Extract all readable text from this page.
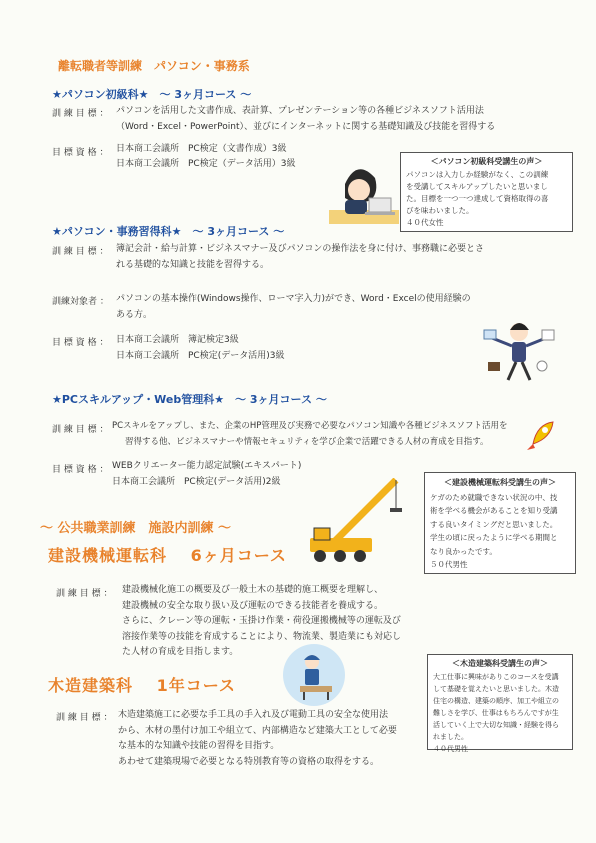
離転職者等訓練　パソコン・事務系
★パソコン初級科★　～ 3ヶ月コース ～
訓 練 目 標 ： パソコンを活用した文書作成、表計算、プレゼンテーション等の各種ビジネスソフト活用法
（Word・Excel・PowerPoint）、並びにインターネットに関する基礎知識及び技能を習得する
目 標 資 格 ： 日本商工会議所　PC検定（文書作成）3級
日本商工会議所　PC検定（データ活用）3級	＜パソコン初級科受講生の声＞
パソコンは入力しか経験がなく、この訓練
を受講してスキルアップしたいと思いまし
た。目標を一つ一つ達成して資格取得の喜
びを味わいました。
４０代女性
★パソコン・事務習得科★　～ 3ヶ月コース ～
訓 練 目 標 ： 簿記会計・給与計算・ビジネスマナー及びパソコンの操作法を身に付け、事務職に必要とさ
れる基礎的な知識と技能を習得する。
訓練対象者 ： パソコンの基本操作(Windows操作、ローマ字入力)ができ、Word・Excelの使用経験の
ある方。
目 標 資 格 ： 日本商工会議所　簿記検定3級
日本商工会議所　PC検定(データ活用)3級
★PCスキルアップ・Web管理科★　～ 3ヶ月コース ～
訓 練 目 標 ： PCスキルをアップし、また、企業のHP管理及び実務で必要なパソコン知識や各種ビジネスソフト活用を
習得する他、ビジネスマナーや情報セキュリティを学び企業で活躍できる人材の育成を目指す。
目 標 資 格 ： WEBクリエーター能力認定試験(エキスパート)
日本商工会議所　PC検定(データ活用)2級
～ 公共職業訓練　施設内訓練 ～
＜建設機械運転科受講生の声＞
ケガのため就職できない状況の中、技
術を学べる機会があることを知り受講
する良いタイミングだと思いました。
学生の頃に戻ったように学べる期間と
なり良かったです。
５０代男性
建設機械運転科　 6ヶ月コース
訓 練 目 標 ： 建設機械化施工の概要及び一般土木の基礎的施工概要を理解し、
建設機械の安全な取り扱い及び運転のできる技能者を養成する。
さらに、クレーン等の運転・玉掛け作業・荷役運搬機械等の運転及び
溶接作業等の技能を育成することにより、物流業、製造業にも対応し
た人材の育成を目指します。
＜木造建築科受講生の声＞
大工仕事に興味がありこのコースを受講
して基礎を覚えたいと思いました。木造
住宅の構造、建築の順序、加工や組立の
難しさを学び、仕事はもちろんですが生
活していく上で大切な知識・経験を得ら
れました。
４０代男性
木造建築科　 1年コース
訓 練 目 標 ： 木造建築施工に必要な手工具の手入れ及び電動工具の安全な使用法
から、木材の墨付け加工や組立て、内部構造など建築大工として必要
な基本的な知識や技能の習得を目指す。
あわせて建築現場で必要となる特別教育等の資格の取得をする。
